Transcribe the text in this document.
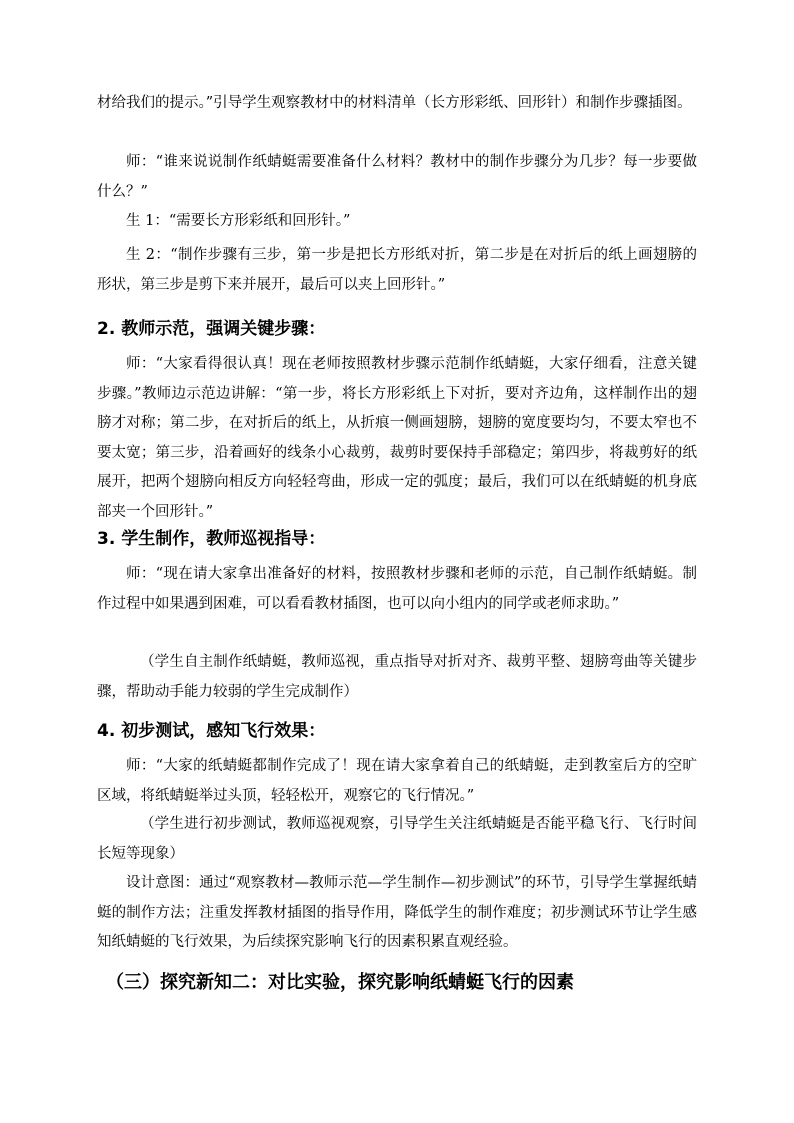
材给我们的提示。”引导学生观察教材中的材料清单（长方形彩纸、回形针）和制作步骤插图。

师：“谁来说说制作纸蜻蜓需要准备什么材料？教材中的制作步骤分为几步？每一步要做什么？”

生 1：“需要长方形彩纸和回形针。”

生 2：“制作步骤有三步，第一步是把长方形纸对折，第二步是在对折后的纸上画翅膀的形状，第三步是剪下来并展开，最后可以夹上回形针。”

2. 教师示范，强调关键步骤：

师：“大家看得很认真！现在老师按照教材步骤示范制作纸蜻蜓，大家仔细看，注意关键步骤。”教师边示范边讲解：“第一步，将长方形彩纸上下对折，要对齐边角，这样制作出的翅膀才对称；第二步，在对折后的纸上，从折痕一侧画翅膀，翅膀的宽度要均匀，不要太窄也不要太宽；第三步，沿着画好的线条小心裁剪，裁剪时要保持手部稳定；第四步，将裁剪好的纸展开，把两个翅膀向相反方向轻轻弯曲，形成一定的弧度；最后，我们可以在纸蜻蜓的机身底部夹一个回形针。”

3. 学生制作，教师巡视指导：

师：“现在请大家拿出准备好的材料，按照教材步骤和老师的示范，自己制作纸蜻蜓。制作过程中如果遇到困难，可以看看教材插图，也可以向小组内的同学或老师求助。”

（学生自主制作纸蜻蜓，教师巡视，重点指导对折对齐、裁剪平整、翅膀弯曲等关键步骤，帮助动手能力较弱的学生完成制作）

4. 初步测试，感知飞行效果：

师：“大家的纸蜻蜓都制作完成了！现在请大家拿着自己的纸蜻蜓，走到教室后方的空旷区域，将纸蜻蜓举过头顶，轻轻松开，观察它的飞行情况。”

（学生进行初步测试，教师巡视观察，引导学生关注纸蜻蜓是否能平稳飞行、飞行时间长短等现象）

设计意图：通过“观察教材—教师示范—学生制作—初步测试”的环节，引导学生掌握纸蜻蜓的制作方法；注重发挥教材插图的指导作用，降低学生的制作难度；初步测试环节让学生感知纸蜻蜓的飞行效果，为后续探究影响飞行的因素积累直观经验。

（三）探究新知二：对比实验，探究影响纸蜻蜓飞行的因素
